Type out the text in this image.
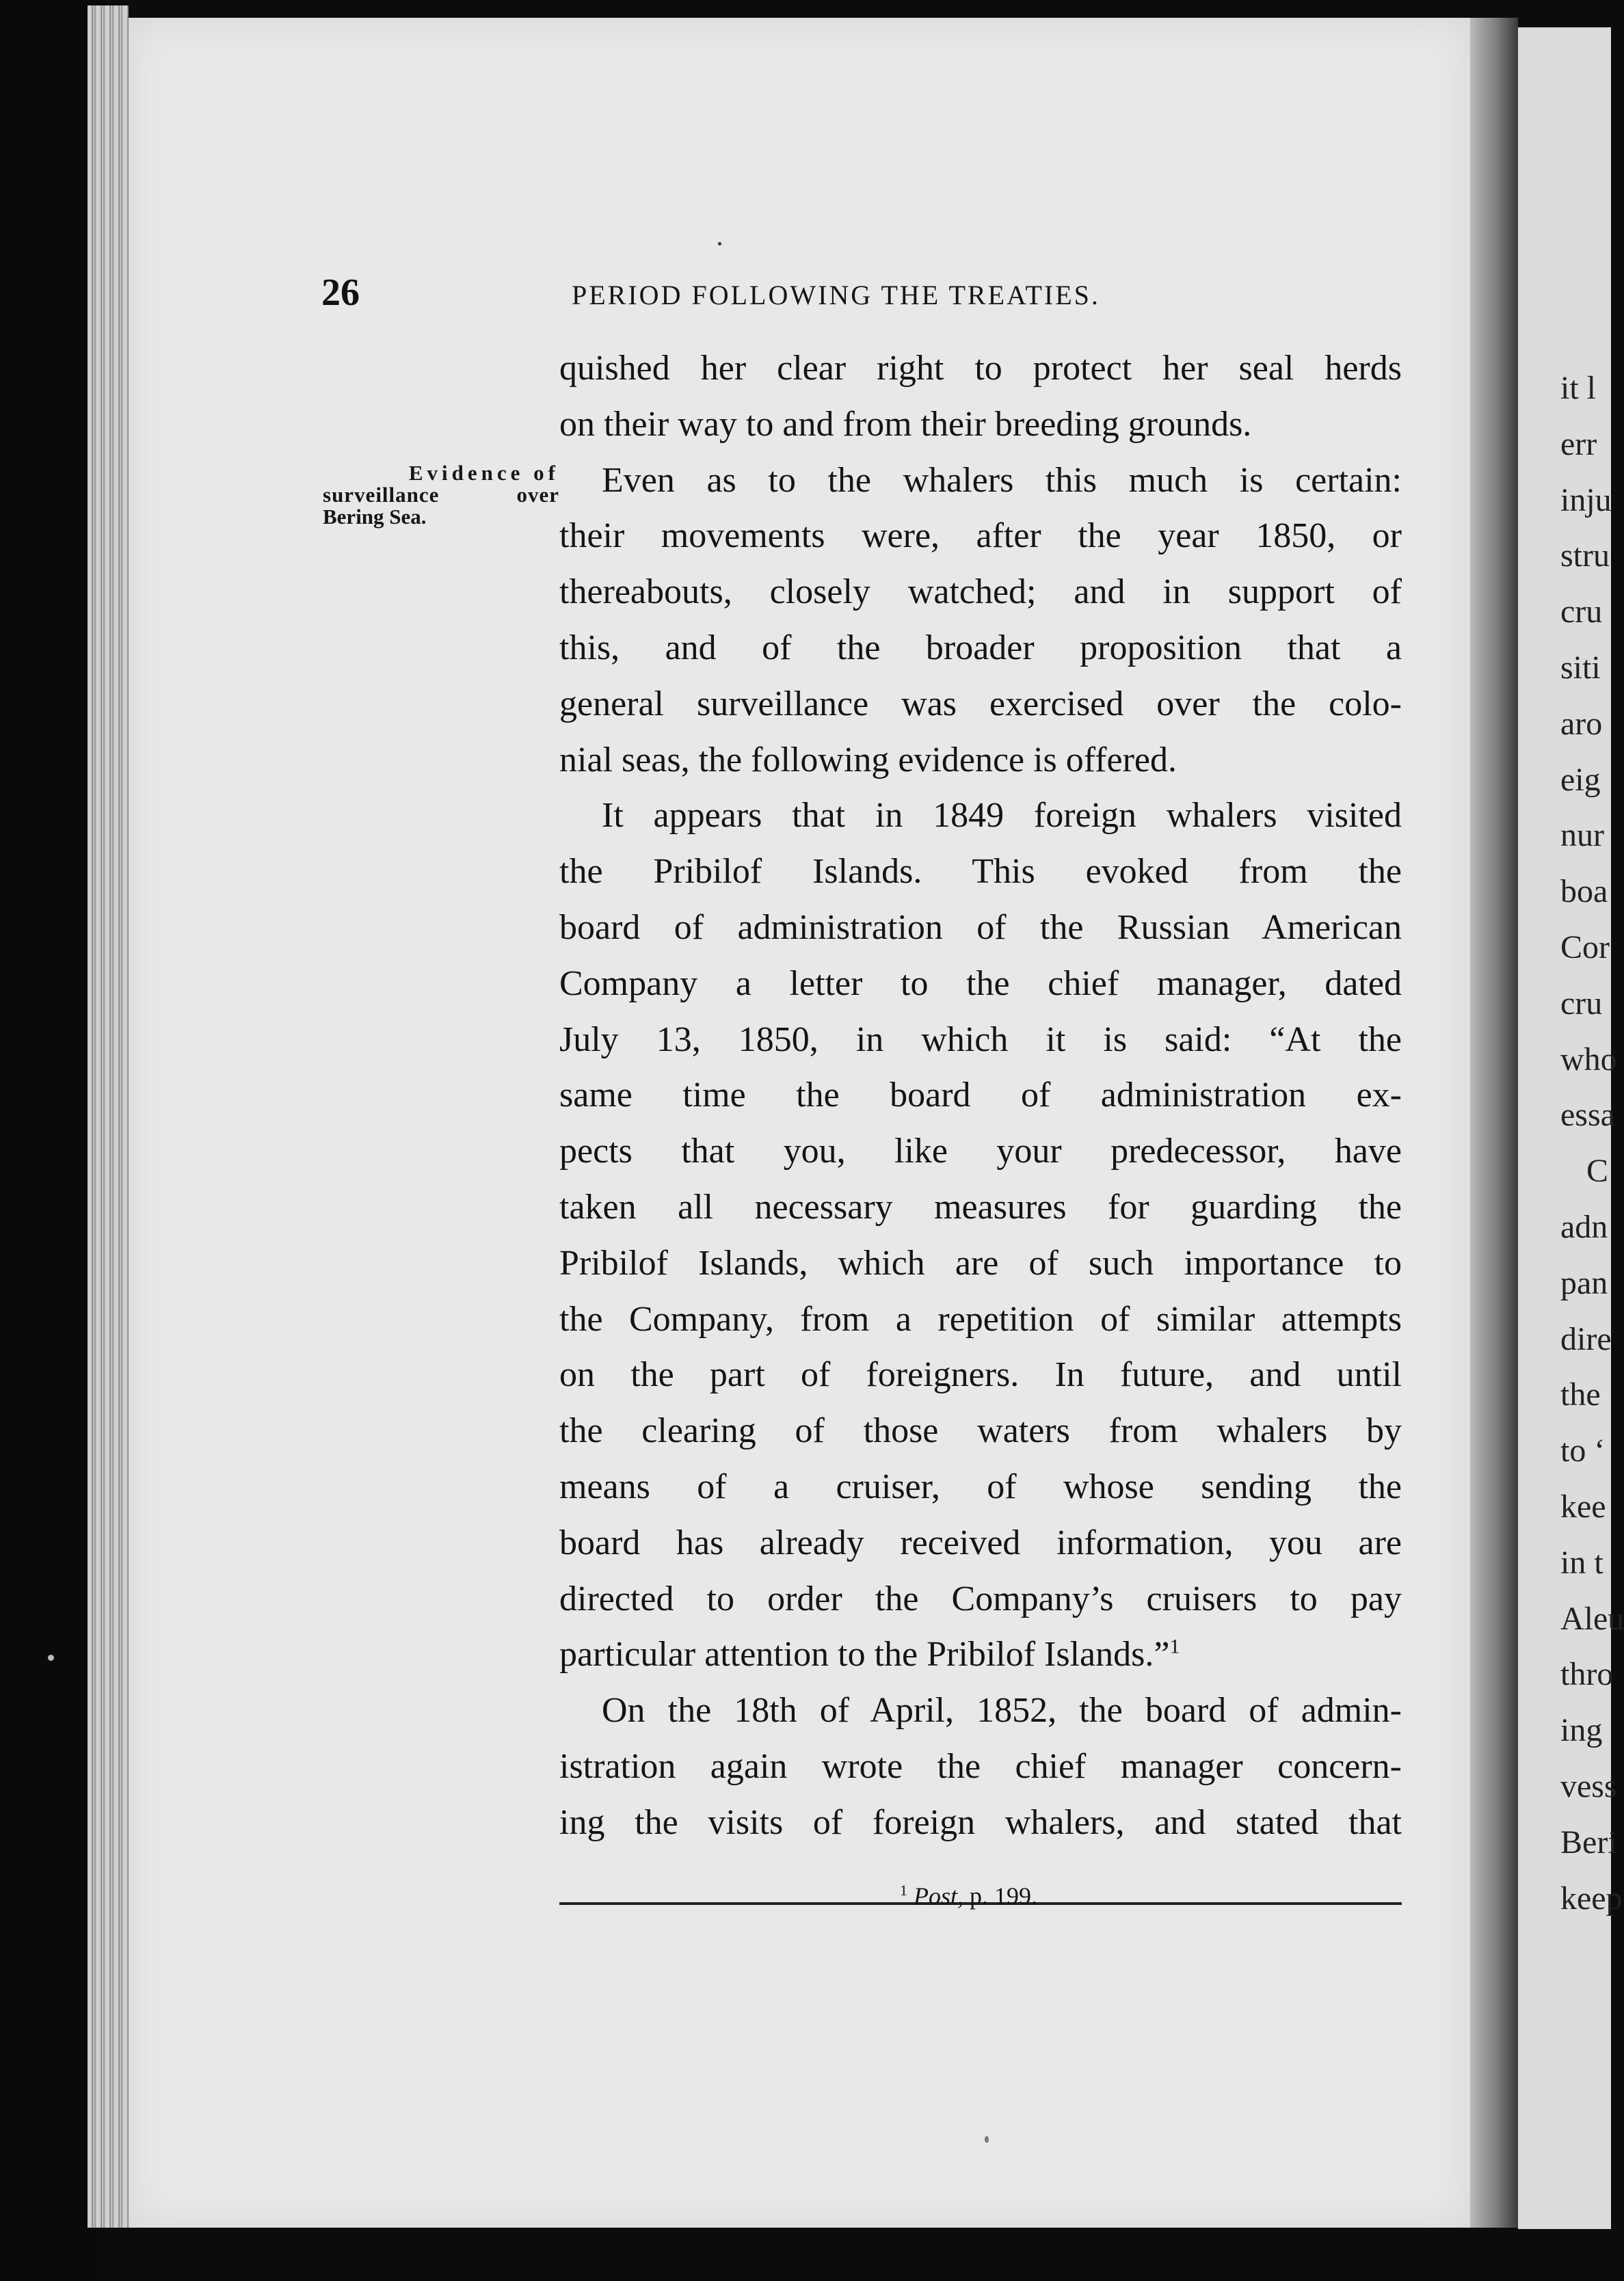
it l
err
inju
stru
cru
siti
aro
eig
nur
boa
Cor
cru
who
essa
C
adn
pan
dire
the
to ‘
kee
in t
Aleu
thro
ing
vess
Beri
keep
26	PERIOD FOLLOWING THE TREATIES.
Evidence of
surveillance over
Bering Sea.
quished her clear right to protect her seal herds
on their way to and from their breeding grounds.
Even as to the whalers this much is certain:
their movements were, after the year 1850, or
thereabouts, closely watched; and in support of
this, and of the broader proposition that a
general surveillance was exercised over the colo-
nial seas, the following evidence is offered.
It appears that in 1849 foreign whalers visited
the Pribilof Islands. This evoked from the
board of administration of the Russian American
Company a letter to the chief manager, dated
July 13, 1850, in which it is said: “At the
same time the board of administration ex-
pects that you, like your predecessor, have
taken all necessary measures for guarding the
Pribilof Islands, which are of such importance to
the Company, from a repetition of similar attempts
on the part of foreigners. In future, and until
the clearing of those waters from whalers by
means of a cruiser, of whose sending the
board has already received information, you are
directed to order the Company’s cruisers to pay
particular attention to the Pribilof Islands.”$^1$
On the 18th of April, 1852, the board of admin-
istration again wrote the chief manager concern-
ing the visits of foreign whalers, and stated that
$^1$ Post, p. 199.
